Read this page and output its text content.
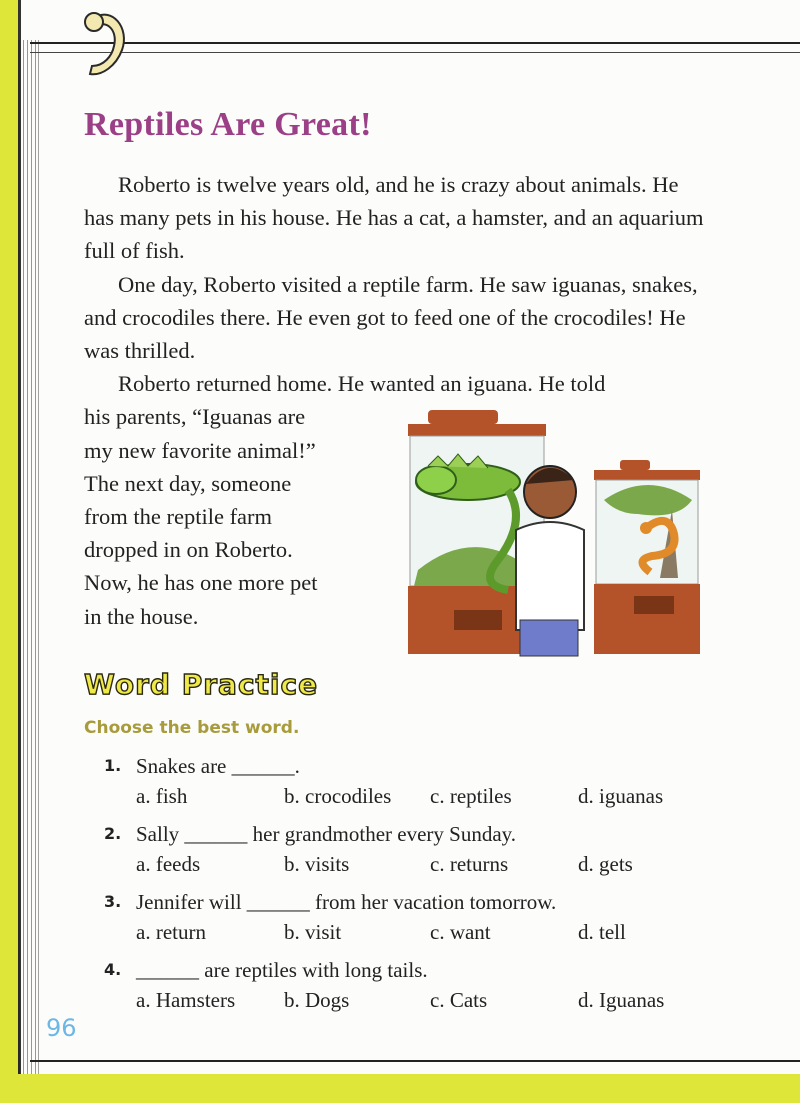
Reptiles Are Great!

Roberto is twelve years old, and he is crazy about animals. He has many pets in his house. He has a cat, a hamster, and an aquarium full of fish.

One day, Roberto visited a reptile farm. He saw iguanas, snakes, and crocodiles there. He even got to feed one of the crocodiles! He was thrilled.

Roberto returned home. He wanted an iguana. He told

his parents, “Iguanas are

my new favorite animal!”

The next day, someone

from the reptile farm

dropped in on Roberto.

Now, he has one more pet

in the house.

Word Practice

Choose the best word.

1. Snakes are ______.
a. fish	b. crocodiles c. reptiles	d. iguanas
2. Sally ______ her grandmother every Sunday.
a. feeds	b. visits	c. returns	d. gets
3. Jennifer will ______ from her vacation tomorrow.
a. return	b. visit	c. want	d. tell
4. ______ are reptiles with long tails.
a. Hamsters b. Dogs	c. Cats	d. Iguanas
96
